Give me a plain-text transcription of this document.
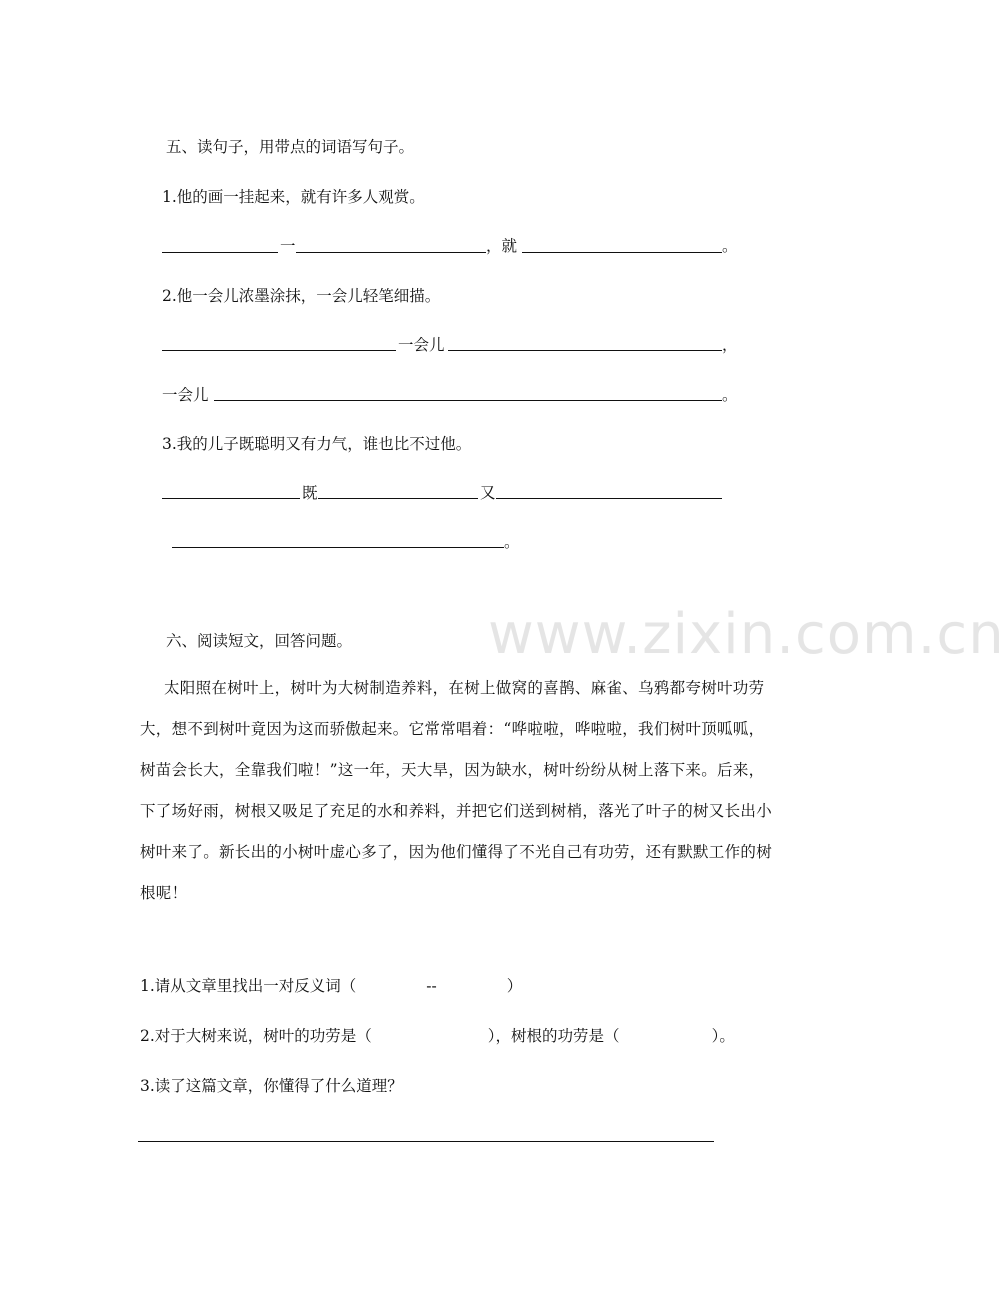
www.zixin.com.cn
五、读句子，用带点的词语写句子。
1.他的画一挂起来，就有许多人观赏。
一	，就	。
2.他一会儿浓墨涂抹，一会儿轻笔细描。
一会儿	，
一会儿	。
3.我的儿子既聪明又有力气，谁也比不过他。
既	又
。
六、阅读短文，回答问题。
太阳照在树叶上，树叶为大树制造养料，在树上做窝的喜鹊、麻雀、乌鸦都夸树叶功劳大，想不到树叶竟因为这而骄傲起来。它常常唱着：“哗啦啦，哗啦啦，我们树叶顶呱呱，树苗会长大，全靠我们啦！”这一年，天大旱，因为缺水，树叶纷纷从树上落下来。后来，下了场好雨，树根又吸足了充足的水和养料，并把它们送到树梢，落光了叶子的树又长出小树叶来了。新长出的小树叶虚心多了，因为他们懂得了不光自己有功劳，还有默默工作的树根呢！
1.请从文章里找出一对反义词（	--	）
2.对于大树来说，树叶的功劳是（	），树根的功劳是（	）。
3.读了这篇文章，你懂得了什么道理？
